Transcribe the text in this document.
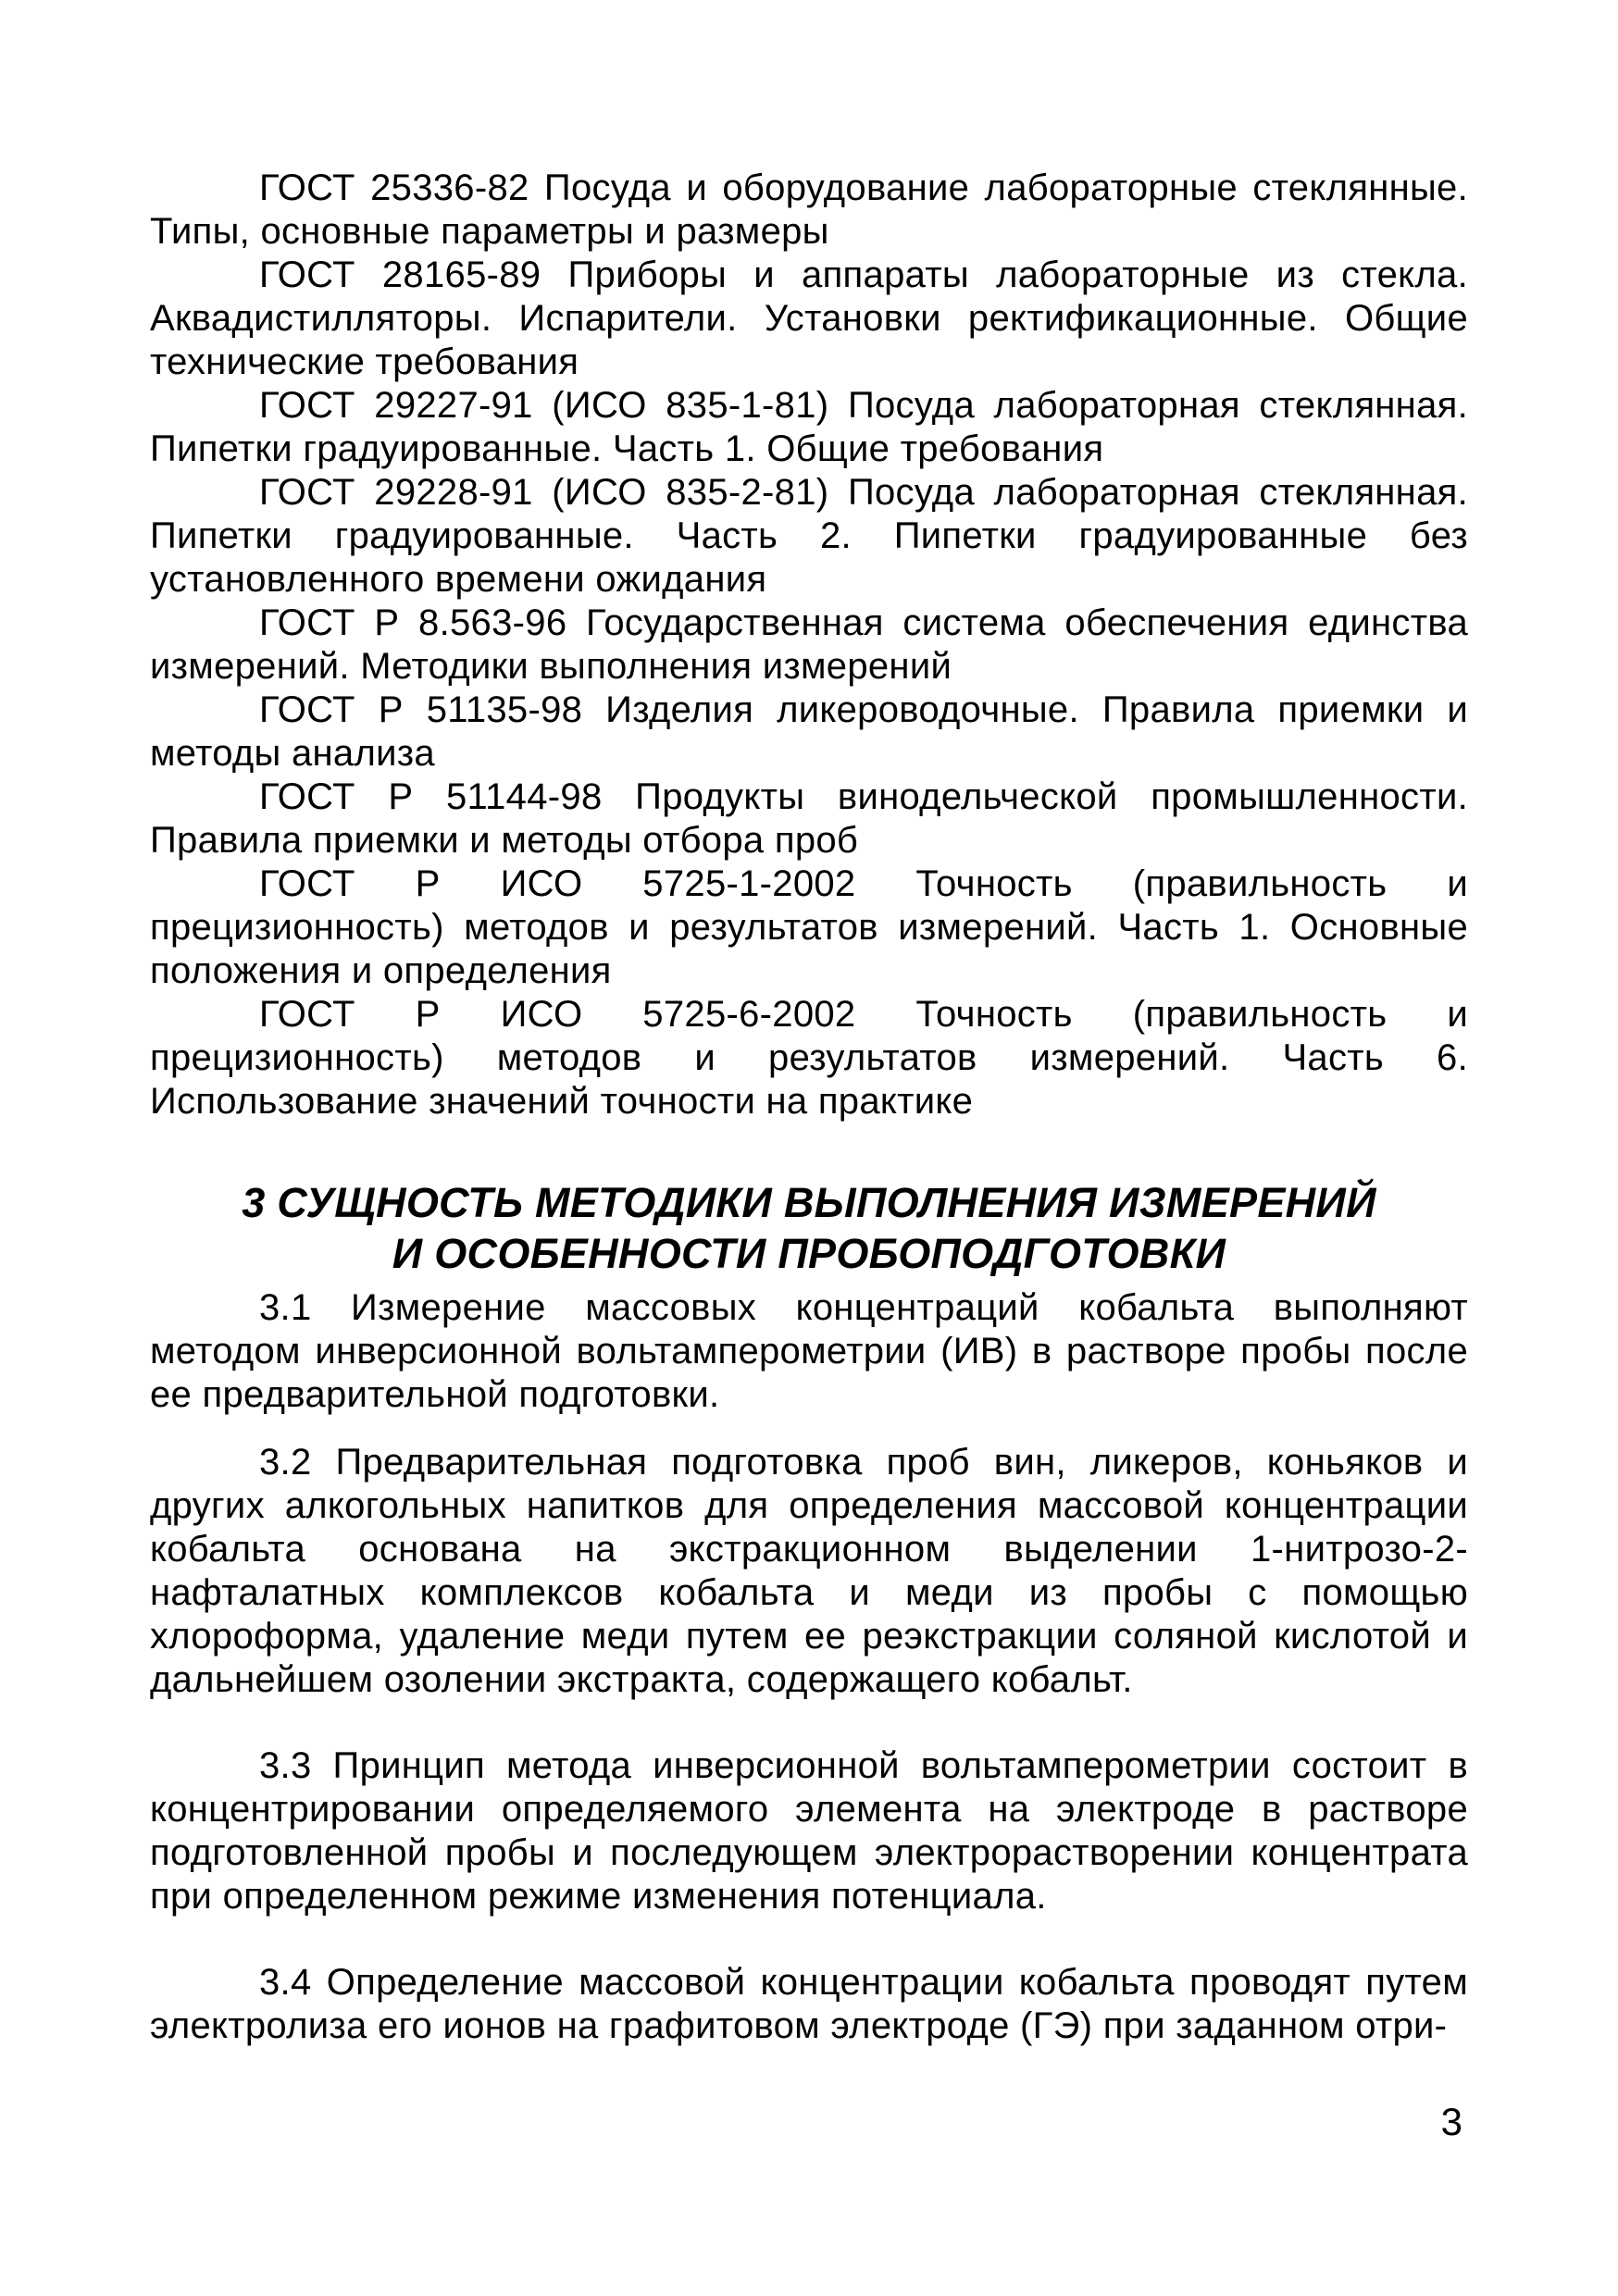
ГОСТ 25336-82 Посуда и оборудование лабораторные стеклянные. Типы, основные параметры и размеры

ГОСТ 28165-89 Приборы и аппараты лабораторные из стекла. Аквадистилляторы. Испарители. Установки ректификационные. Общие технические требования

ГОСТ 29227-91 (ИСО 835-1-81) Посуда лабораторная стеклянная. Пипетки градуированные. Часть 1. Общие требования

ГОСТ 29228-91 (ИСО 835-2-81) Посуда лабораторная стеклянная. Пипетки градуированные. Часть 2. Пипетки градуированные без установленного времени ожидания

ГОСТ Р 8.563-96 Государственная система обеспечения единства измерений. Методики выполнения измерений

ГОСТ Р 51135-98 Изделия ликероводочные. Правила приемки и методы анализа

ГОСТ Р 51144-98 Продукты винодельческой промышленности. Правила приемки и методы отбора проб

ГОСТ Р ИСО 5725-1-2002 Точность (правильность и прецизионность) методов и результатов измерений. Часть 1. Основные положения и определения

ГОСТ Р ИСО 5725-6-2002 Точность (правильность и прецизионность) методов и результатов измерений. Часть 6. Использование значений точности на практике

3 СУЩНОСТЬ МЕТОДИКИ ВЫПОЛНЕНИЯ ИЗМЕРЕНИЙ
И ОСОБЕННОСТИ ПРОБОПОДГОТОВКИ

3.1 Измерение массовых концентраций кобальта выполняют методом инверсионной вольтамперометрии (ИВ) в растворе пробы после ее предварительной подготовки.

3.2 Предварительная подготовка проб вин, ликеров, коньяков и других алкогольных напитков для определения массовой концентрации кобальта основана на экстракционном выделении 1-нитрозо-2-нафталатных комплексов кобальта и меди из пробы с помощью хлороформа, удаление меди путем ее реэкстракции соляной кислотой и дальнейшем озолении экстракта, содержащего кобальт.

3.3 Принцип метода инверсионной вольтамперометрии состоит в концентрировании определяемого элемента на электроде в растворе подготовленной пробы и последующем электрорастворении концентрата при определенном режиме изменения потенциала.

3.4 Определение массовой концентрации кобальта проводят путем электролиза его ионов на графитовом электроде (ГЭ) при заданном отри-

3
